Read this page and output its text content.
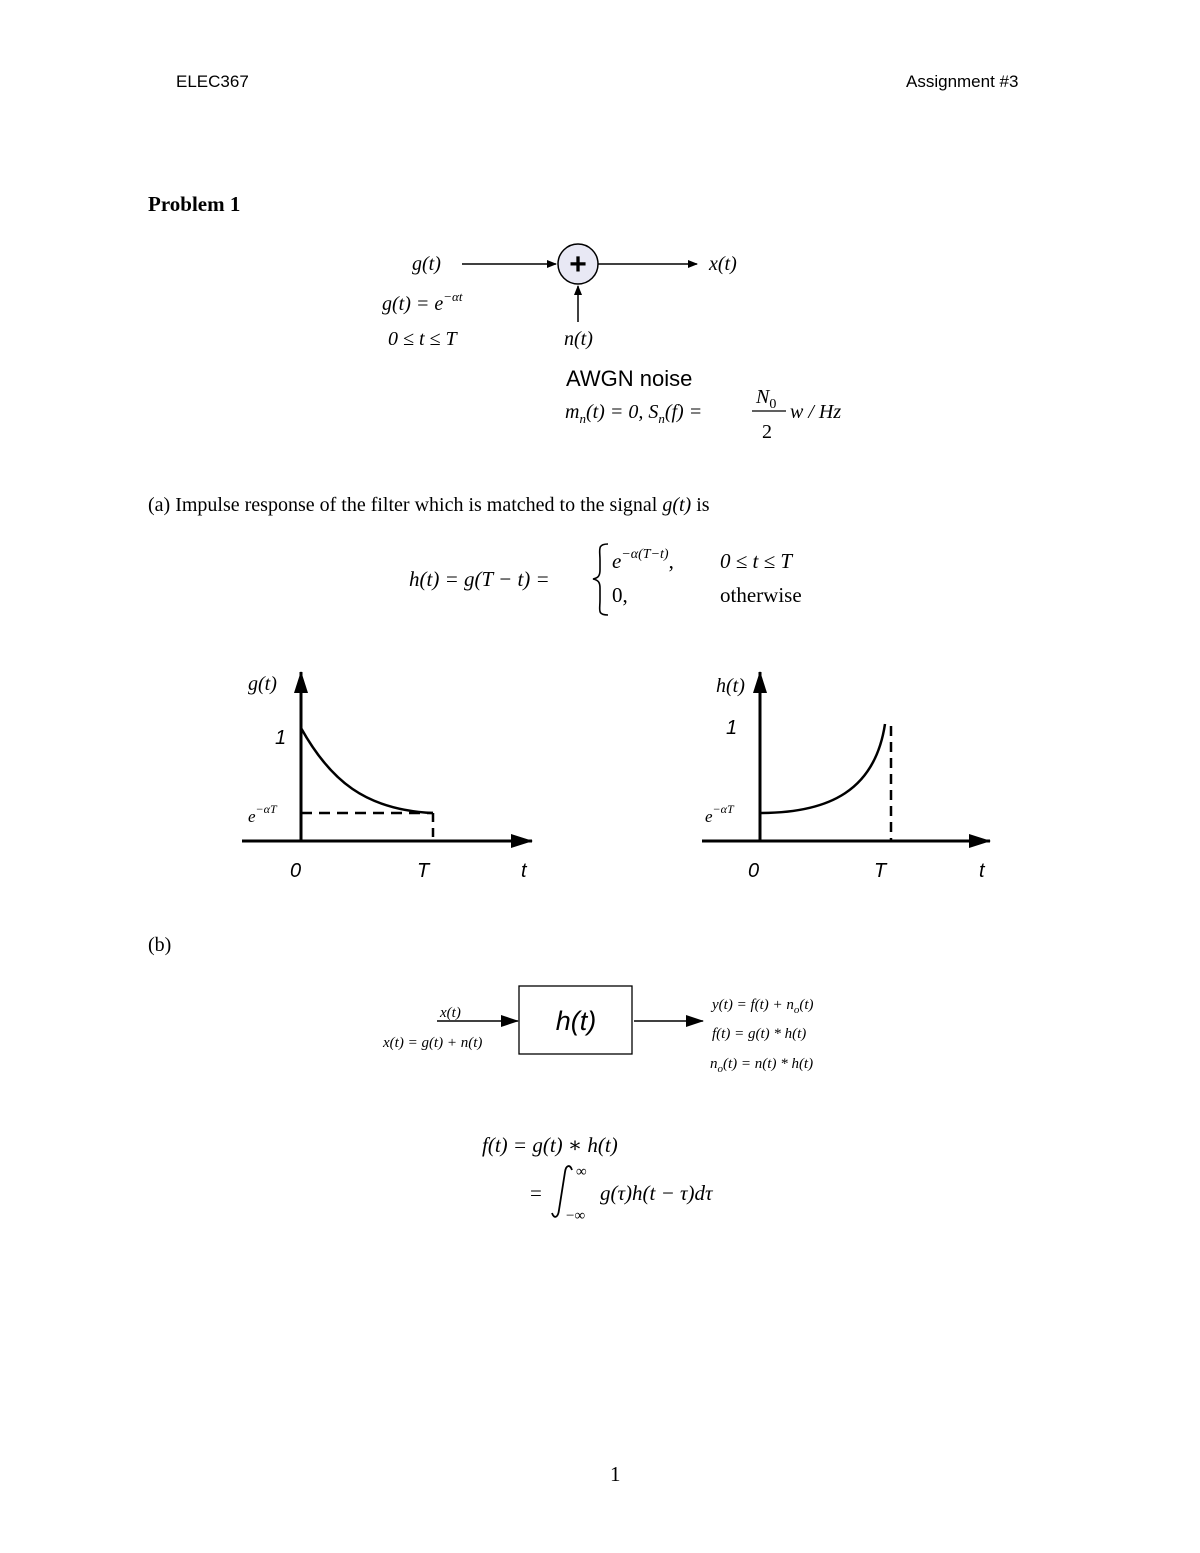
ELEC367	Assignment #3
Problem 1
g(t)	+	x(t)
$g(t) = e^{-\alpha t}$
0 ≤ t ≤ T	n(t)
AWGN noise
$m_n(t) = 0$, $S_n(f)$ =
$N_0$
2
w / Hz
(a) Impulse response of the filter which is matched to the signal g(t) is
h(t) = g(T − t) =
$e^{-\alpha(T-t)}$, 0 ≤ t ≤ T
0,	otherwise
g(t)
1
$e^{-\alpha T}$
0	T	t
h(t)
1
$e^{-\alpha T}$
0	T	t
(b)
x(t)
x(t) = g(t) + n(t)
h(t)
$y(t) = f(t) + n_o(t)$
f(t) = g(t) * h(t)
$n_o(t) = n(t) * h(t)$
f(t) = g(t) ∗ h(t)
=
∞
−∞
g(τ)h(t − τ)dτ
1
